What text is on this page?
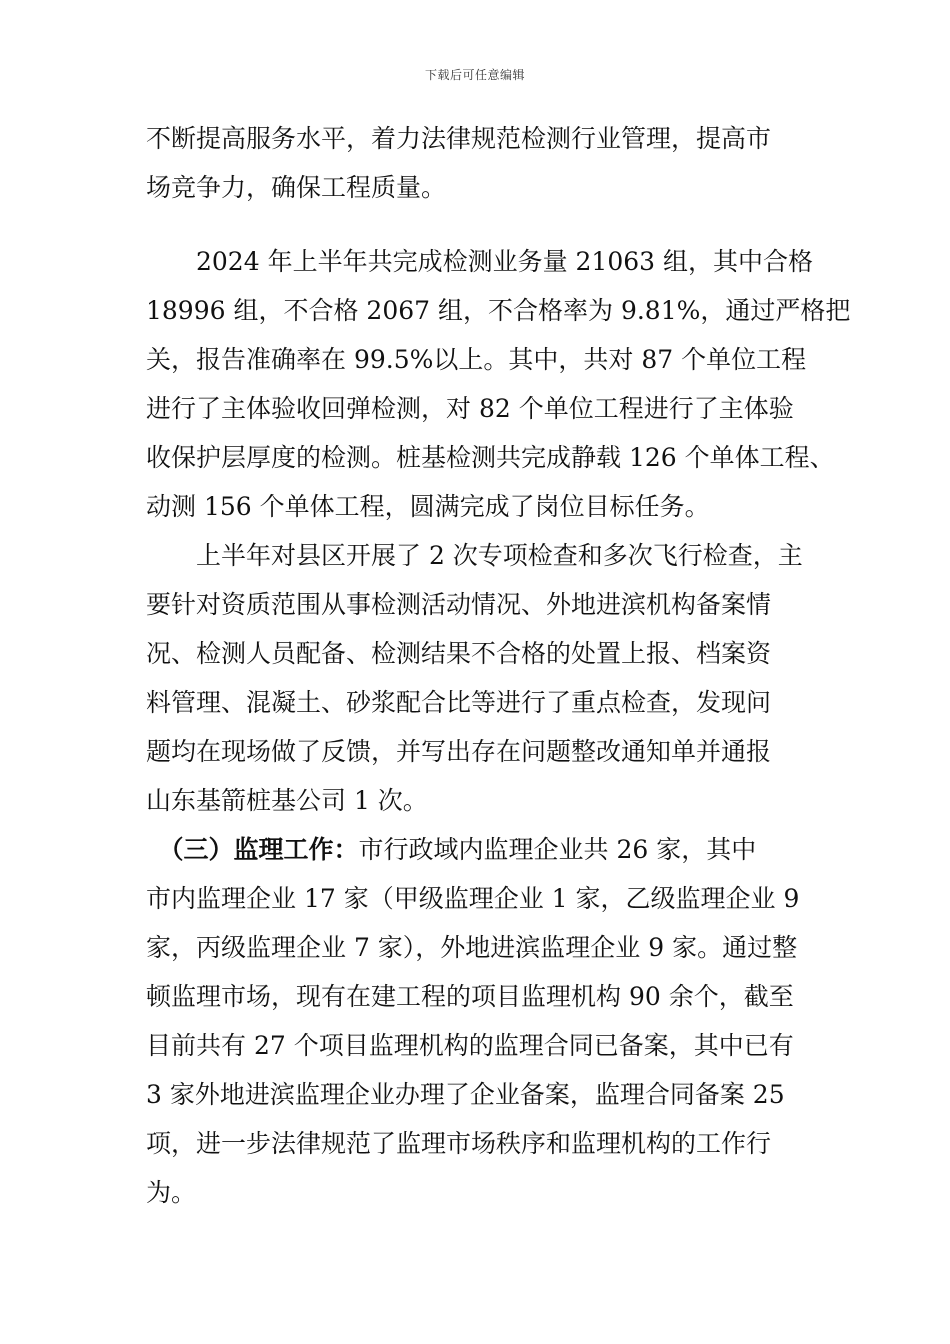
下载后可任意编辑
不断提高服务水平，着力法律规范检测行业管理，提高市
场竞争力，确保工程质量。
　　2024 年上半年共完成检测业务量 21063 组，其中合格
18996 组，不合格 2067 组，不合格率为 9.81%，通过严格把
关，报告准确率在 99.5%以上。其中，共对 87 个单位工程
进行了主体验收回弹检测，对 82 个单位工程进行了主体验
收保护层厚度的检测。桩基检测共完成静载 126 个单体工程、
动测 156 个单体工程，圆满完成了岗位目标任务。
　　上半年对县区开展了 2 次专项检查和多次飞行检查，主
要针对资质范围从事检测活动情况、外地进滨机构备案情
况、检测人员配备、检测结果不合格的处置上报、档案资
料管理、混凝土、砂浆配合比等进行了重点检查，发现问
题均在现场做了反馈，并写出存在问题整改通知单并通报
山东基箭桩基公司 1 次。
　（三）监理工作：市行政域内监理企业共 26 家，其中
市内监理企业 17 家（甲级监理企业 1 家，乙级监理企业 9
家，丙级监理企业 7 家），外地进滨监理企业 9 家。通过整
顿监理市场，现有在建工程的项目监理机构 90 余个，截至
目前共有 27 个项目监理机构的监理合同已备案，其中已有
3 家外地进滨监理企业办理了企业备案，监理合同备案 25
项，进一步法律规范了监理市场秩序和监理机构的工作行
为。
